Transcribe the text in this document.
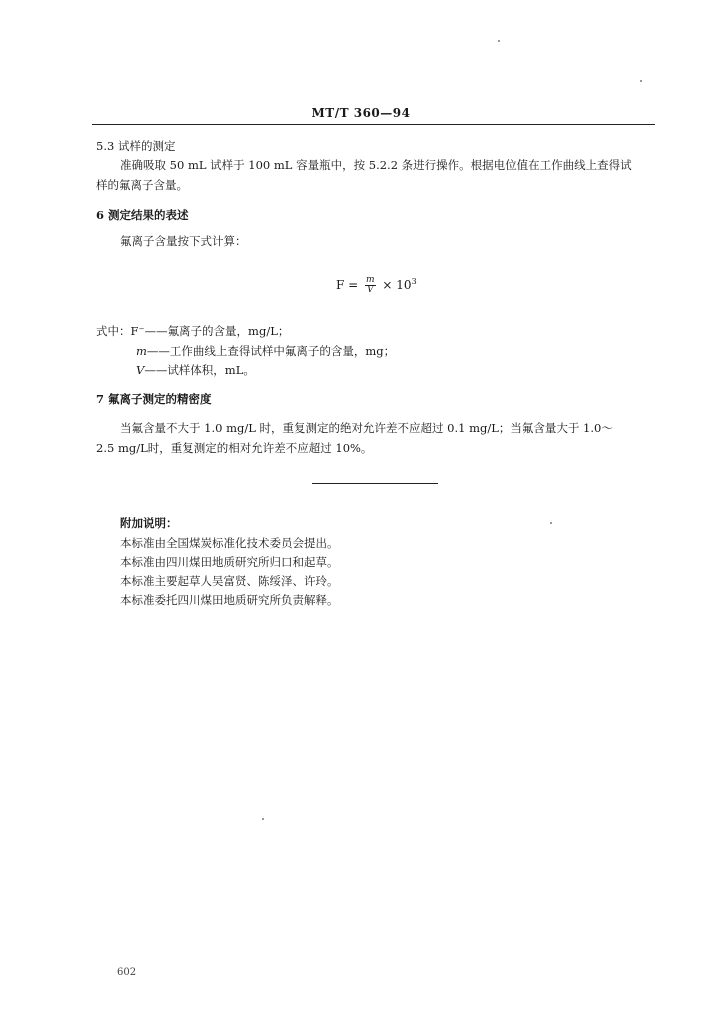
MT/T 360—94
5.3 试样的测定
准确吸取 50 mL 试样于 100 mL 容量瓶中，按 5.2.2 条进行操作。根据电位值在工作曲线上查得试
样的氟离子含量。
6 测定结果的表述
氟离子含量按下式计算：
$F = \frac{m}{V} \times 10^3$
式中：F⁻——氟离子的含量，mg/L；
m——工作曲线上查得试样中氟离子的含量，mg；
V——试样体积，mL。
7 氟离子测定的精密度
当氟含量不大于 1.0 mg/L 时，重复测定的绝对允许差不应超过 0.1 mg/L；当氟含量大于 1.0～
2.5 mg/L时，重复测定的相对允许差不应超过 10%。
附加说明：
本标准由全国煤炭标准化技术委员会提出。
本标准由四川煤田地质研究所归口和起草。
本标准主要起草人吴富贤、陈绥泽、许玲。
本标准委托四川煤田地质研究所负责解释。
602
